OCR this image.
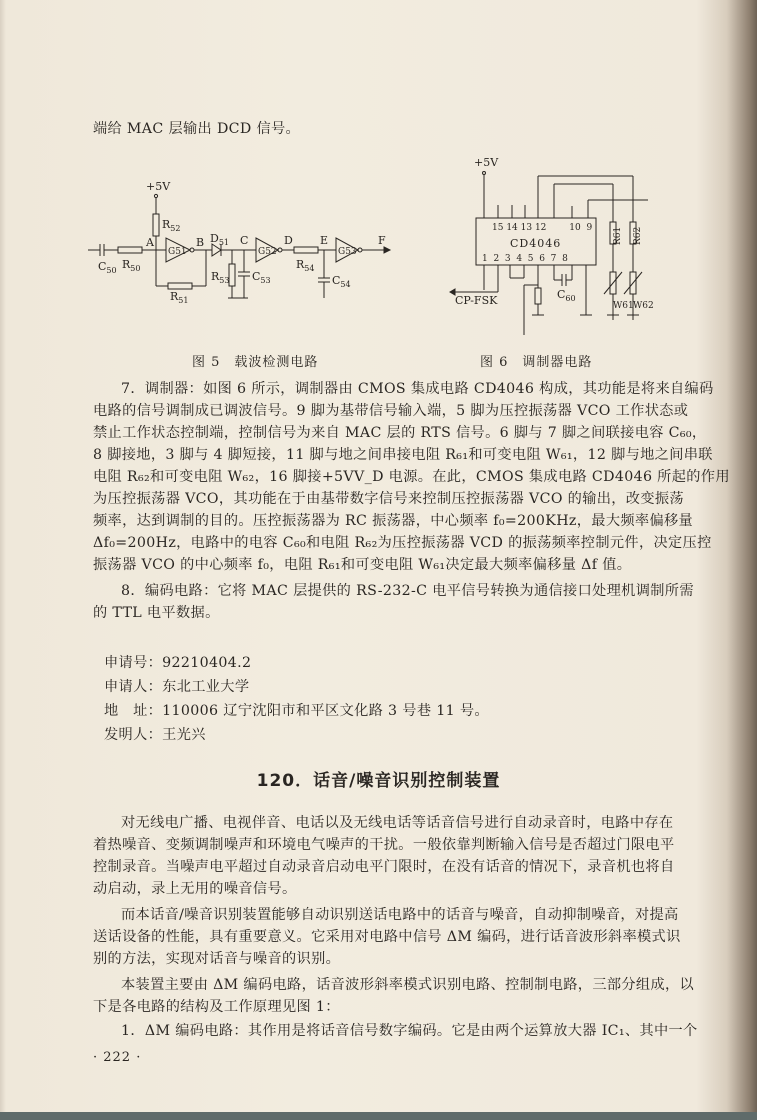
端给 MAC 层输出 DCD 信号。
+5V
$R_{52}$
$C_{50}$ $R_{50}$
A
G51
B
$R_{51}$
$D_{51}$ C
$R_{53}$ $C_{53}$
G52
D
$R_{54}$
E
$C_{54}$
G53
F
图 5　载波检测电路
+5V
15 14 13 12        10  9
CD4046
1  2  3  4  5  6  7  8
CP-FSK	$C_{60}$
R61 R62
W61 W62
图 6　调制器电路
7．调制器：如图 6 所示，调制器由 CMOS 集成电路 CD4046 构成，其功能是将来自编码
电路的信号调制成已调波信号。9 脚为基带信号输入端，5 脚为压控振荡器 VCO 工作状态或
禁止工作状态控制端，控制信号为来自 MAC 层的 RTS 信号。6 脚与 7 脚之间联接电容 C₆₀，
8 脚接地，3 脚与 4 脚短接，11 脚与地之间串接电阻 R₆₁和可变电阻 W₆₁，12 脚与地之间串联
电阻 R₆₂和可变电阻 W₆₂，16 脚接+5VV_D 电源。在此，CMOS 集成电路 CD4046 所起的作用
为压控振荡器 VCO，其功能在于由基带数字信号来控制压控振荡器 VCO 的输出，改变振荡
频率，达到调制的目的。压控振荡器为 RC 振荡器，中心频率 f₀=200KHz，最大频率偏移量
Δf₀=200Hz，电路中的电容 C₆₀和电阻 R₆₂为压控振荡器 VCD 的振荡频率控制元件，决定压控
振荡器 VCO 的中心频率 f₀，电阻 R₆₁和可变电阻 W₆₁决定最大频率偏移量 Δf 值。
8．编码电路：它将 MAC 层提供的 RS-232-C 电平信号转换为通信接口处理机调制所需
的 TTL 电平数据。
申请号：92210404.2
申请人：东北工业大学
地　址：110006 辽宁沈阳市和平区文化路 3 号巷 11 号。
发明人：王光兴
120．话音/噪音识别控制装置
对无线电广播、电视伴音、电话以及无线电话等话音信号进行自动录音时，电路中存在
着热噪音、变频调制噪声和环境电气噪声的干扰。一般依靠判断输入信号是否超过门限电平
控制录音。当噪声电平超过自动录音启动电平门限时，在没有话音的情况下，录音机也将自
动启动，录上无用的噪音信号。
而本话音/噪音识别装置能够自动识别送话电路中的话音与噪音，自动抑制噪音，对提高
送话设备的性能，具有重要意义。它采用对电路中信号 ΔM 编码，进行话音波形斜率模式识
别的方法，实现对话音与噪音的识别。
本装置主要由 ΔM 编码电路，话音波形斜率模式识别电路、控制制电路，三部分组成，以
下是各电路的结构及工作原理见图 1：
1．ΔM 编码电路：其作用是将话音信号数字编码。它是由两个运算放大器 IC₁、其中一个
· 222 ·
